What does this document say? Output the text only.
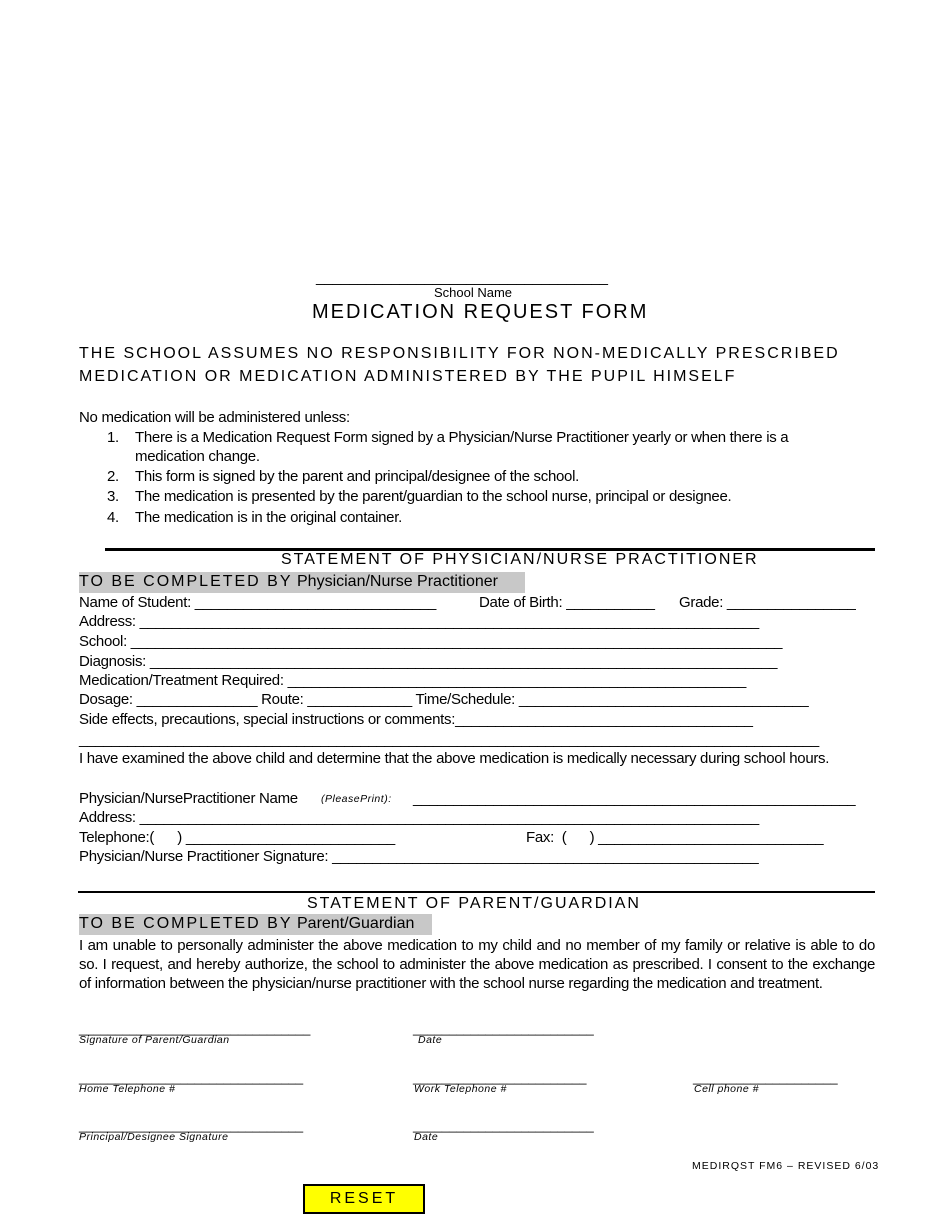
___________________________________
School Name
MEDICATION REQUEST FORM
THE SCHOOL ASSUMES NO RESPONSIBILITY FOR NON-MEDICALLY PRESCRIBED
MEDICATION OR MEDICATION ADMINISTERED BY THE PUPIL HIMSELF
No medication will be administered unless:
1. There is a Medication Request Form signed by a Physician/Nurse Practitioner yearly or when there is a
medication change.
2. This form is signed by the parent and principal/designee of the school.
3. The medication is presented by the parent/guardian to the school nurse, principal or designee.
4. The medication is in the original container.
STATEMENT OF PHYSICIAN/NURSE PRACTITIONER
TO BE COMPLETED BY Physician/Nurse Practitioner
Name of Student: ______________________________	Date of Birth: ___________ Grade: ________________
Address: _____________________________________________________________________________
School: _________________________________________________________________________________
Diagnosis: ______________________________________________________________________________
Medication/Treatment Required: _________________________________________________________
Dosage: _______________ Route: _____________ Time/Schedule: ____________________________________
Side effects, precautions, special instructions or comments:_____________________________________
____________________________________________________________________________________________
I have examined the above child and determine that the above medication is medically necessary during school hours.
Physician/NursePractitioner Name (PleasePrint): _______________________________________________________
Address: _____________________________________________________________________________
Telephone:(      ) __________________________	Fax:  (      ) ____________________________
Physician/Nurse Practitioner Signature: _____________________________________________________
STATEMENT OF PARENT/GUARDIAN
TO BE COMPLETED BY Parent/Guardian
I am unable to personally administer the above medication to my child and no member of my family or relative is able to do so. I request, and hereby authorize, the school to administer the above medication as prescribed. I consent to the exchange of information between the physician/nurse practitioner with the school nurse regarding the medication and treatment.
________________________________
Signature of Parent/Guardian
_________________________
Date
_______________________________
Home Telephone #
________________________
Work Telephone #
____________________
Cell phone #
_______________________________
Principal/Designee Signature
_________________________
Date
MEDIRQST FM6 – REVISED 6/03
RESET
